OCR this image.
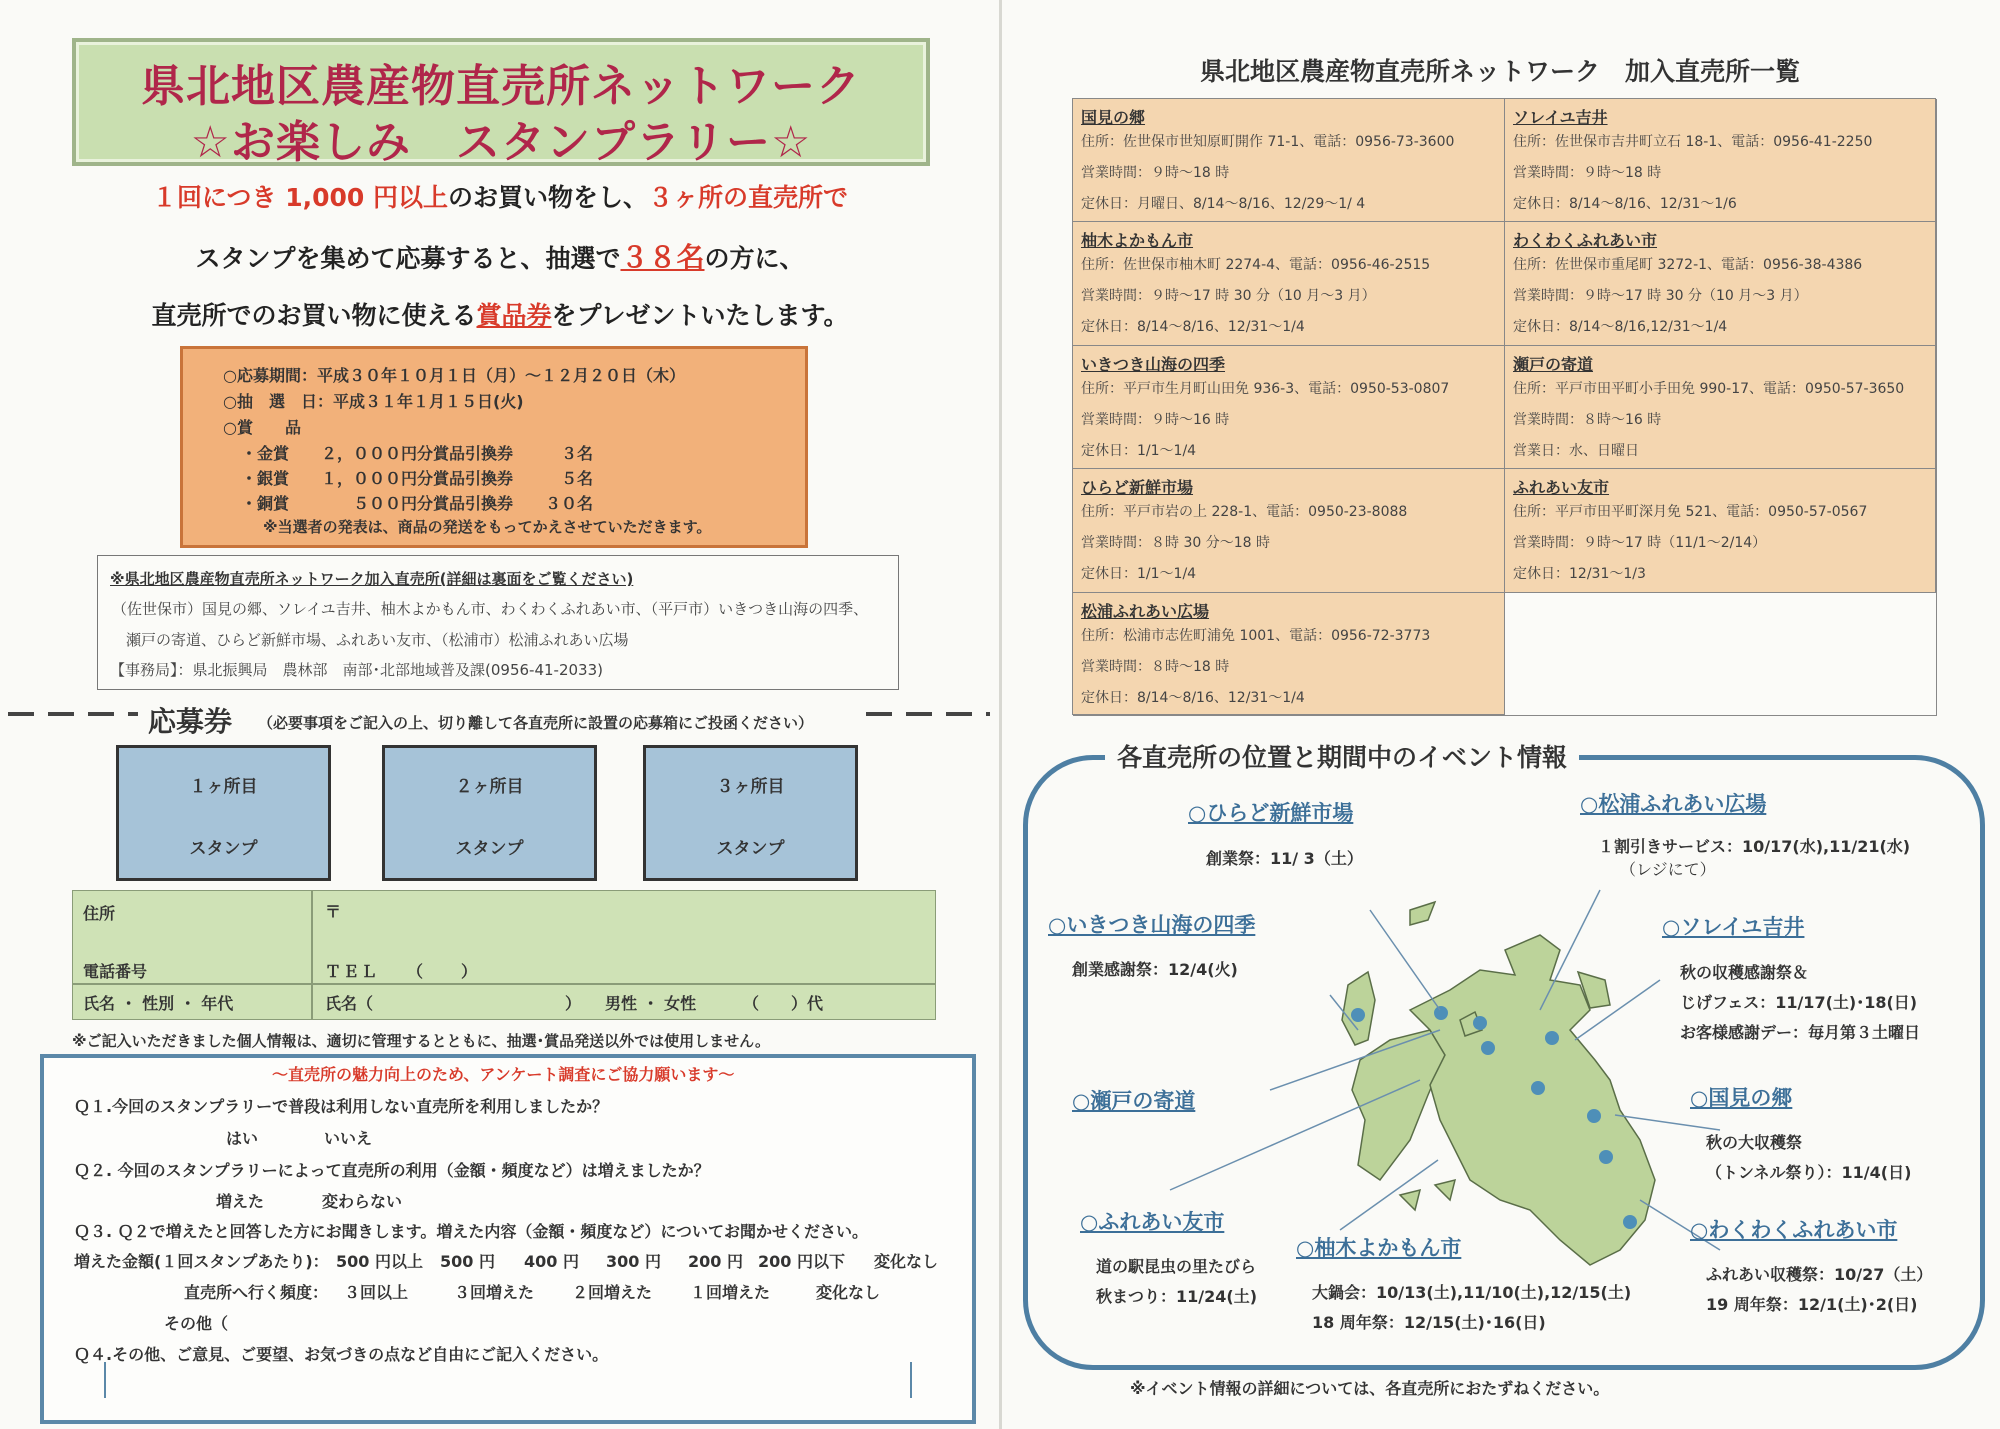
県北地区農産物直売所ネットワーク
☆お楽しみ　スタンプラリー☆
１回につき 1,000 円以上のお買い物をし、３ヶ所の直売所で
スタンプを集めて応募すると、抽選で３８名の方に、
直売所でのお買い物に使える賞品券をプレゼントいたします。
○応募期間：平成３０年１０月１日（月）～１２月２０日（木）
○抽　選　日：平成３１年１月１５日(火)
○賞　　品
・金賞　　２，０００円分賞品引換券　　　３名
・銀賞　　１，０００円分賞品引換券　　　５名
・銅賞　　　　５００円分賞品引換券　　３０名
※当選者の発表は、商品の発送をもってかえさせていただきます。
※県北地区農産物直売所ネットワーク加入直売所(詳細は裏面をご覧ください)
（佐世保市）国見の郷、ソレイユ吉井、柚木よかもん市、わくわくふれあい市、（平戸市）いきつき山海の四季、
瀬戸の寄道、ひらど新鮮市場、ふれあい友市、（松浦市）松浦ふれあい広場
【事務局】：県北振興局　農林部　南部･北部地域普及課(0956-41-2033)
応募券 （必要事項をご記入の上、切り離して各直売所に設置の応募箱にご投函ください）
１ヶ所目
スタンプ
２ヶ所目
スタンプ
３ヶ所目
スタンプ
住所	〒
電話番号	ＴＥＬ　　（　　）
氏名 ・ 性別 ・ 年代	氏名（　　　　　　　　　　　　） 男性 ・ 女性	（　　）代
※ご記入いただきました個人情報は、適切に管理するとともに、抽選･賞品発送以外では使用しません。
～直売所の魅力向上のため、アンケート調査にご協力願います～
Ｑ１.今回のスタンプラリーで普段は利用しない直売所を利用しましたか？
はい	いいえ
Ｑ２. 今回のスタンプラリーによって直売所の利用（金額・頻度など）は増えましたか？
増えた	変わらない
Ｑ３. Ｑ２で増えたと回答した方にお聞きします。増えた内容（金額・頻度など）についてお聞かせください。
増えた金額(１回スタンプあたり)： 500 円以上 500 円 400 円 300 円 200 円 200 円以下 変化なし
直売所へ行く頻度： ３回以上	３回増えた ２回増えた １回増えた	変化なし
その他（
Ｑ４.その他、ご意見、ご要望、お気づきの点など自由にご記入ください。
県北地区農産物直売所ネットワーク　加入直売所一覧
国見の郷
住所：佐世保市世知原町開作 71-1、電話：0956-73-3600
営業時間：９時～18 時
定休日：月曜日、8/14～8/16、12/29～1/ 4
ソレイユ吉井
住所：佐世保市吉井町立石 18-1、電話：0956-41-2250
営業時間：９時～18 時
定休日：8/14～8/16、12/31～1/6
柚木よかもん市
住所：佐世保市柚木町 2274-4、電話：0956-46-2515
営業時間：９時～17 時 30 分（10 月～3 月）
定休日：8/14～8/16、12/31～1/4
わくわくふれあい市
住所：佐世保市重尾町 3272-1、電話：0956-38-4386
営業時間：９時～17 時 30 分（10 月～3 月）
定休日：8/14～8/16,12/31～1/4
いきつき山海の四季
住所：平戸市生月町山田免 936-3、電話：0950-53-0807
営業時間：９時～16 時
定休日：1/1～1/4
瀬戸の寄道
住所：平戸市田平町小手田免 990-17、電話：0950-57-3650
営業時間：８時～16 時
営業日：水、日曜日
ひらど新鮮市場
住所：平戸市岩の上 228-1、電話：0950-23-8088
営業時間：８時 30 分～18 時
定休日：1/1～1/4
ふれあい友市
住所：平戸市田平町深月免 521、電話：0950-57-0567
営業時間：９時～17 時（11/1～2/14）
定休日：12/31～1/3
松浦ふれあい広場
住所：松浦市志佐町浦免 1001、電話：0956-72-3773
営業時間：８時～18 時
定休日：8/14～8/16、12/31～1/4
各直売所の位置と期間中のイベント情報
○ひらど新鮮市場
創業祭：11/ 3（土）
○松浦ふれあい広場
１割引きサービス：10/17(水),11/21(水)
（レジにて）
○いきつき山海の四季
創業感謝祭：12/4(火)
○ソレイユ吉井
秋の収穫感謝祭＆
じげフェス：11/17(土)･18(日)
お客様感謝デー：毎月第３土曜日
○瀬戸の寄道	○国見の郷
秋の大収穫祭
（トンネル祭り）：11/4(日)
○ふれあい友市
道の駅昆虫の里たびら
秋まつり：11/24(土)
○柚木よかもん市
大鍋会：10/13(土),11/10(土),12/15(土)
18 周年祭：12/15(土)･16(日)
○わくわくふれあい市
ふれあい収穫祭：10/27（土）
19 周年祭：12/1(土)･2(日)
※イベント情報の詳細については、各直売所におたずねください。
